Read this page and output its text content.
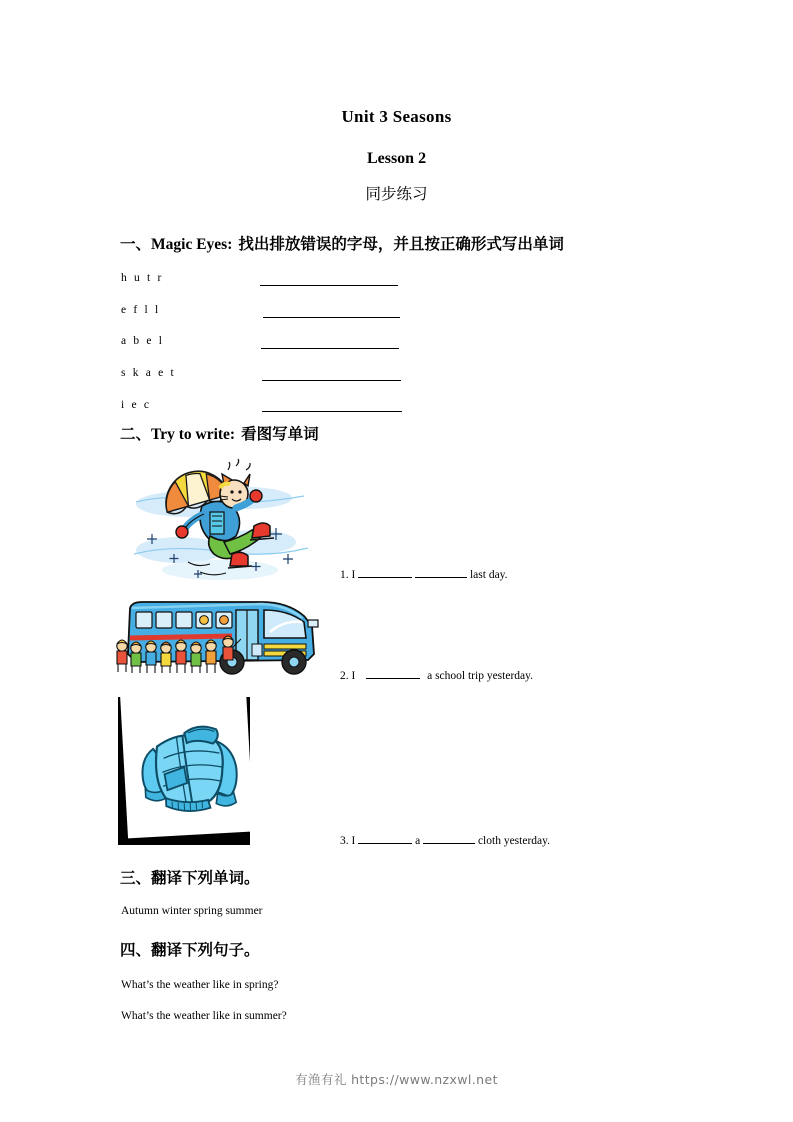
Unit 3 Seasons
Lesson 2
同步练习
一、Magic Eyes: 找出排放错误的字母，并且按正确形式写出单词
h u t r
e f l l
a b e l
s k a e t
i e c
二、Try to write: 看图写单词
1. I	last day.
2. I	a school trip yesterday.
3. I	a	cloth yesterday.
三、翻译下列单词。
Autumn winter spring summer
四、翻译下列句子。
What’s the weather like in spring?
What’s the weather like in summer?
有渔有礼 https://www.nzxwl.net
